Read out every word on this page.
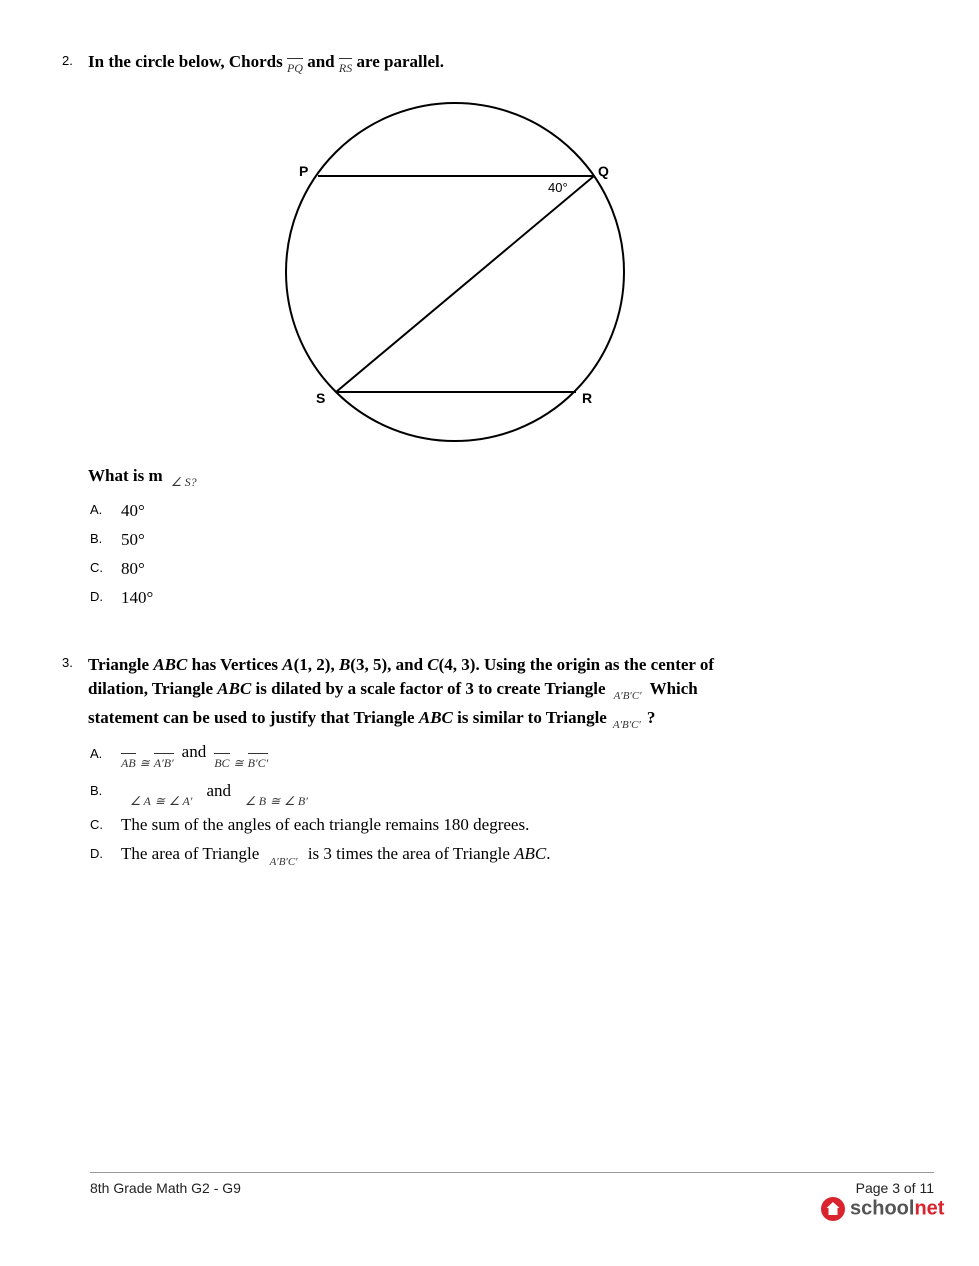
2. In the circle below, Chords $_{PQ}$ and $_{RS}$ are parallel.
P	Q
S	R
40°
What is m $_{\angle S?}$
A. 40°
B. 50°
C. 80°
D. 140°
3. Triangle ABC has Vertices A(1, 2), B(3, 5), and C(4, 3). Using the origin as the center of
dilation, Triangle ABC is dilated by a scale factor of 3 to create Triangle $_{A'B'C'}$ Which
statement can be used to justify that Triangle ABC is similar to Triangle $_{A'B'C'}$ ?
A.
$_{AB}$ $_≅$ $_{A'B'}$ and $_{BC}$ $_≅$ $_{B'C'}$
B.
$_{\angle A}$ $_≅$ $_{\angle A'}$ and $_{\angle B}$ $_≅$ $_{\angle B'}$
C. The sum of the angles of each triangle remains 180 degrees.
D. The area of Triangle $_{A'B'C'}$ is 3 times the area of Triangle ABC.
8th Grade Math G2 - G9	Page 3 of 11
schoolnet
